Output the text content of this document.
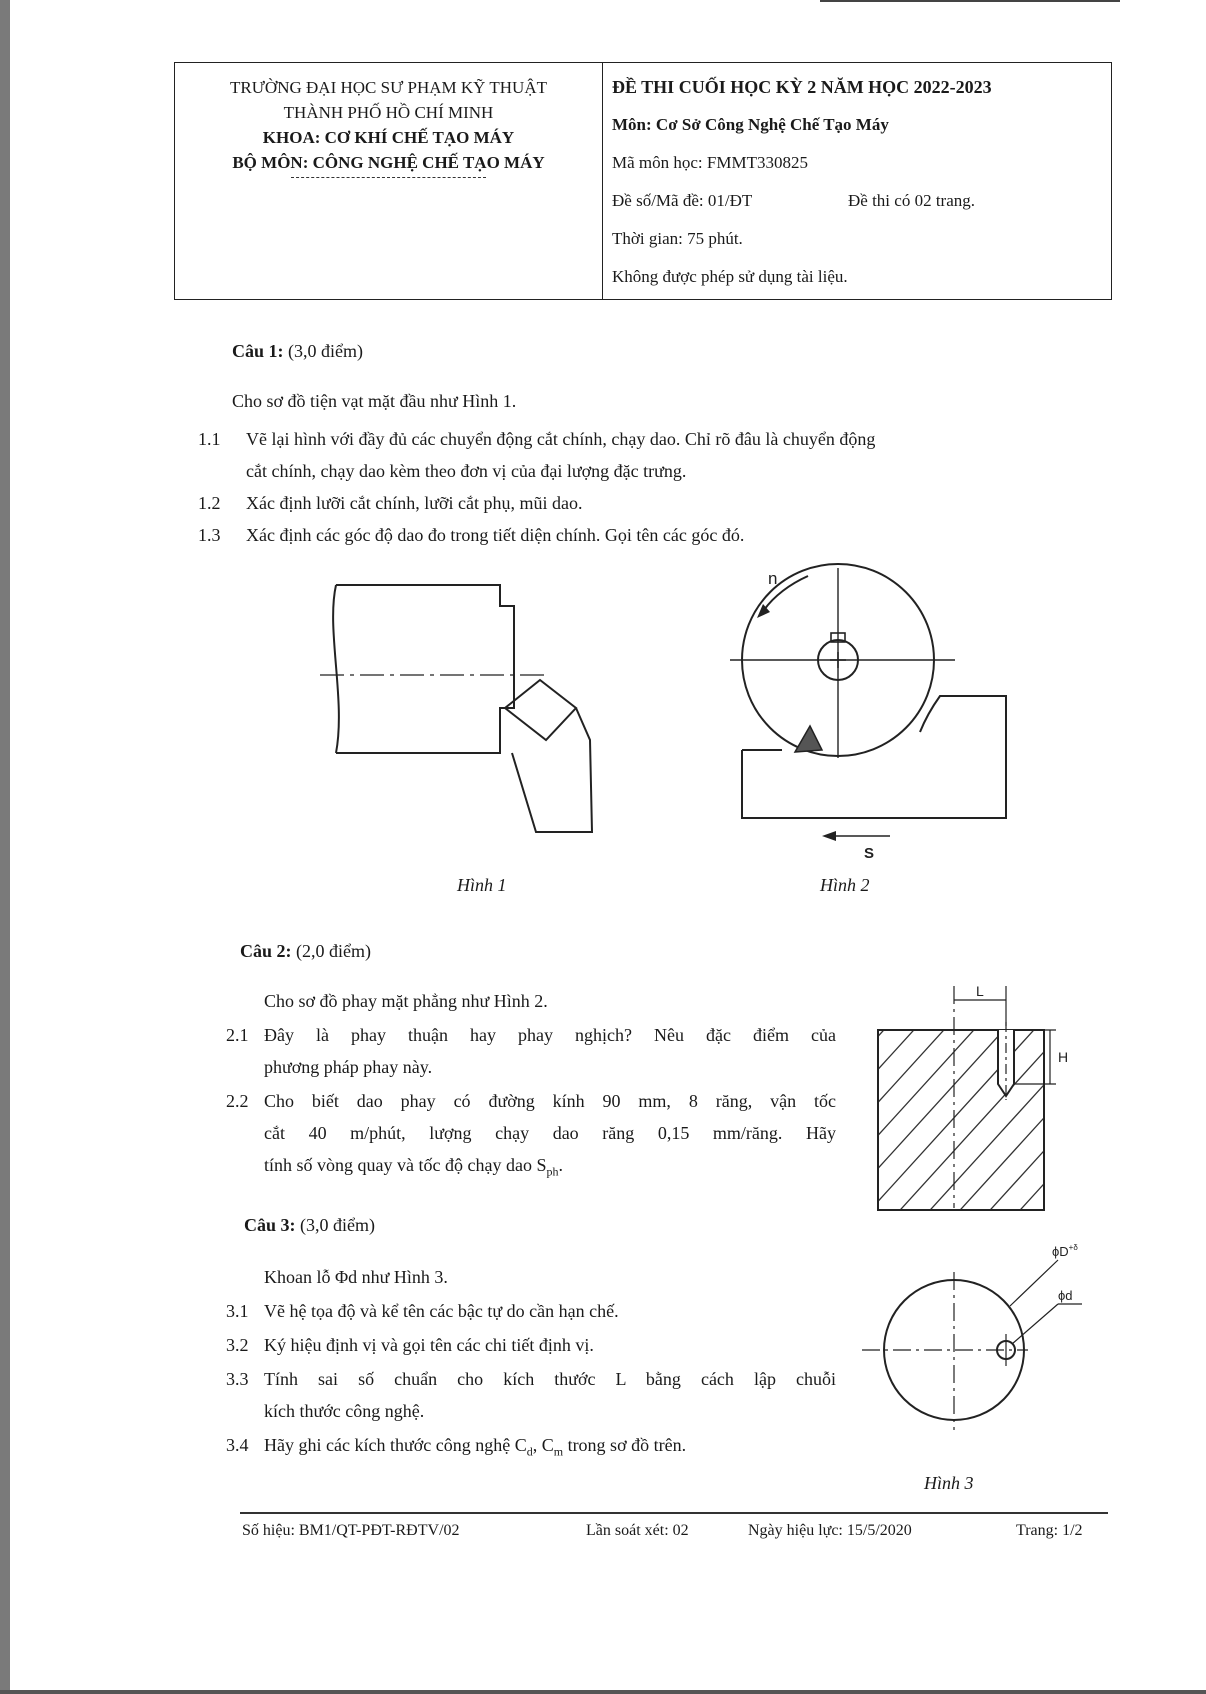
TRƯỜNG ĐẠI HỌC SƯ PHẠM KỸ THUẬT
THÀNH PHỐ HỒ CHÍ MINH
KHOA: CƠ KHÍ CHẾ TẠO MÁY
BỘ MÔN: CÔNG NGHỆ CHẾ TẠO MÁY
ĐỀ THI CUỐI HỌC KỲ 2 NĂM HỌC 2022-2023
Môn: Cơ Sở Công Nghệ Chế Tạo Máy
Mã môn học: FMMT330825
Đề số/Mã đề: 01/ĐT	Đề thi có 02 trang.
Thời gian: 75 phút.
Không được phép sử dụng tài liệu.
Câu 1: (3,0 điểm)
Cho sơ đồ tiện vạt mặt đầu như Hình 1.
1.1 Vẽ lại hình với đầy đủ các chuyển động cắt chính, chạy dao. Chỉ rõ đâu là chuyển động
cắt chính, chạy dao kèm theo đơn vị của đại lượng đặc trưng.
1.2 Xác định lưỡi cắt chính, lưỡi cắt phụ, mũi dao.
1.3 Xác định các góc độ dao đo trong tiết diện chính. Gọi tên các góc đó.
Hình 1
n
S
Hình 2
Câu 2: (2,0 điểm)
Cho sơ đồ phay mặt phẳng như Hình 2.
2.1 Đây là phay thuận hay phay nghịch? Nêu đặc điểm của
phương pháp phay này.
2.2 Cho biết dao phay có đường kính 90 mm, 8 răng, vận tốc
cắt 40 m/phút, lượng chạy dao răng 0,15 mm/răng. Hãy
tính số vòng quay và tốc độ chạy dao $S_{ph}$.
Câu 3: (3,0 điểm)
Khoan lỗ Φd như Hình 3.
3.1 Vẽ hệ tọa độ và kể tên các bậc tự do cần hạn chế.
3.2 Ký hiệu định vị và gọi tên các chi tiết định vị.
3.3 Tính sai số chuẩn cho kích thước L bằng cách lập chuỗi
kích thước công nghệ.
3.4 Hãy ghi các kích thước công nghệ $C_d$, $C_m$ trong sơ đồ trên.
L
H
$\phi D^{+\delta}$
ϕd
Hình 3
Số hiệu: BM1/QT-PĐT-RĐTV/02	Lần soát xét: 02	Ngày hiệu lực: 15/5/2020	Trang: 1/2
